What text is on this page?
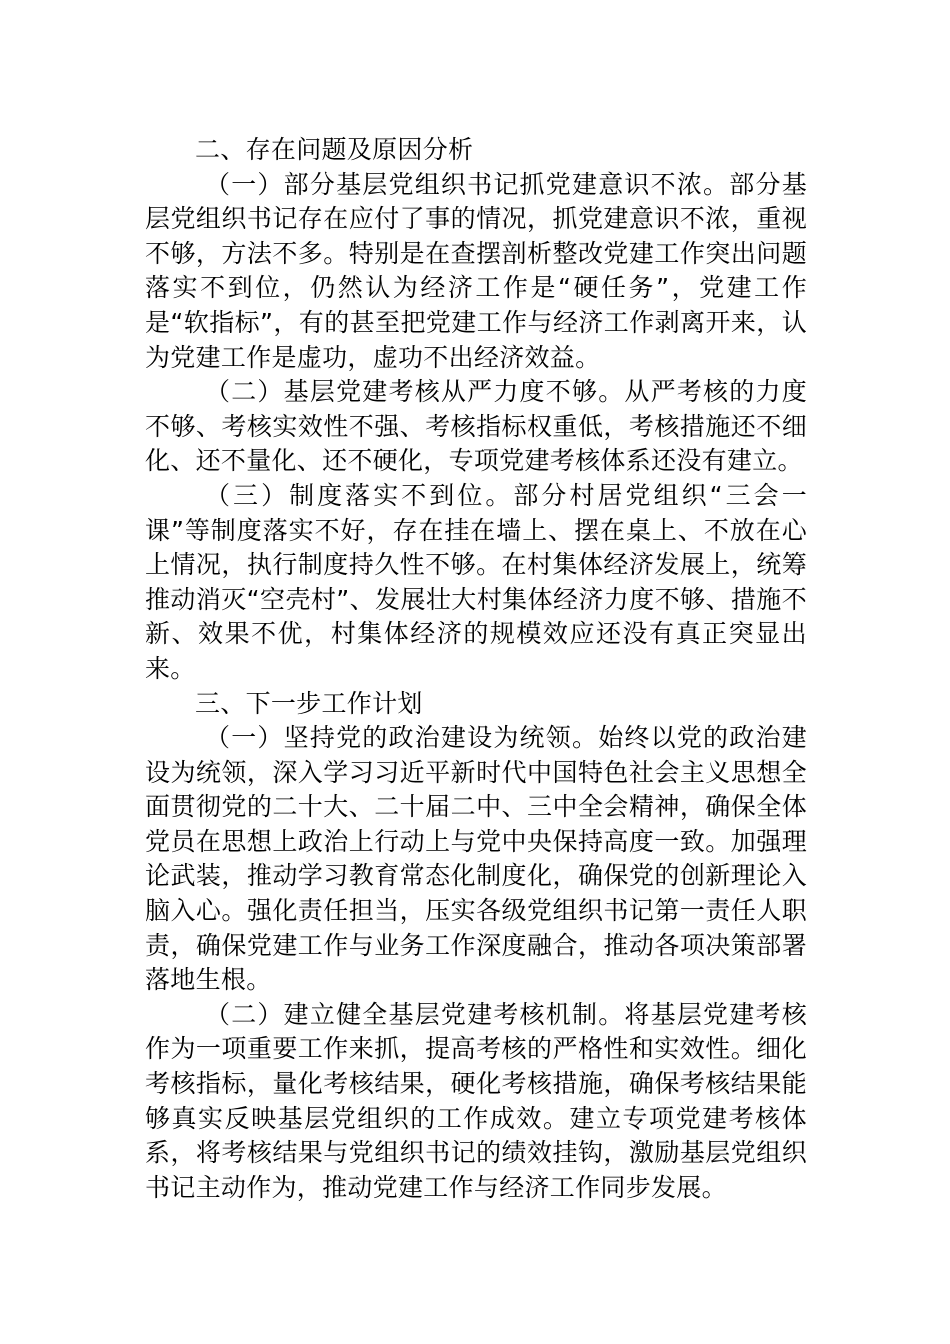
二、存在问题及原因分析

（一）部分基层党组织书记抓党建意识不浓。部分基层党组织书记存在应付了事的情况，抓党建意识不浓，重视不够，方法不多。特别是在查摆剖析整改党建工作突出问题落实不到位，仍然认为经济工作是“硬任务”，党建工作是“软指标”，有的甚至把党建工作与经济工作剥离开来，认为党建工作是虚功，虚功不出经济效益。

（二）基层党建考核从严力度不够。从严考核的力度不够、考核实效性不强、考核指标权重低，考核措施还不细化、还不量化、还不硬化，专项党建考核体系还没有建立。

（三）制度落实不到位。部分村居党组织“三会一课”等制度落实不好，存在挂在墙上、摆在桌上、不放在心上情况，执行制度持久性不够。在村集体经济发展上，统筹推动消灭“空壳村”、发展壮大村集体经济力度不够、措施不新、效果不优，村集体经济的规模效应还没有真正突显出来。

三、下一步工作计划

（一）坚持党的政治建设为统领。始终以党的政治建设为统领，深入学习习近平新时代中国特色社会主义思想全面贯彻党的二十大、二十届二中、三中全会精神，确保全体党员在思想上政治上行动上与党中央保持高度一致。加强理论武装，推动学习教育常态化制度化，确保党的创新理论入脑入心。强化责任担当，压实各级党组织书记第一责任人职责，确保党建工作与业务工作深度融合，推动各项决策部署落地生根。

（二）建立健全基层党建考核机制。将基层党建考核作为一项重要工作来抓，提高考核的严格性和实效性。细化考核指标，量化考核结果，硬化考核措施，确保考核结果能够真实反映基层党组织的工作成效。建立专项党建考核体系，将考核结果与党组织书记的绩效挂钩，激励基层党组织书记主动作为，推动党建工作与经济工作同步发展。
